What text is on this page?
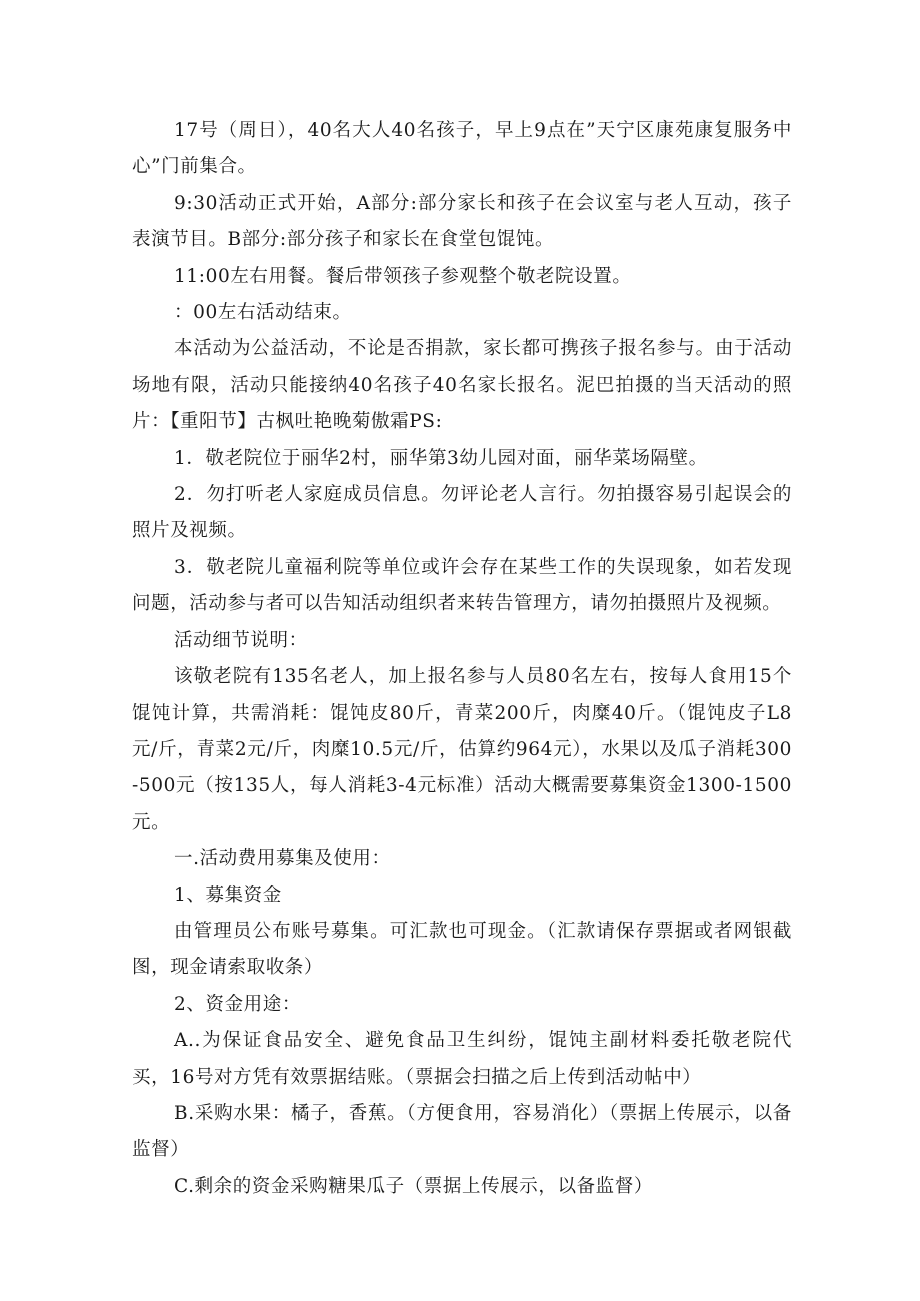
17号（周日），40名大人40名孩子，早上9点在”天宁区康苑康复服务中心”门前集合。

9:30活动正式开始，A部分:部分家长和孩子在会议室与老人互动，孩子表演节目。B部分:部分孩子和家长在食堂包馄饨。

11:00左右用餐。餐后带领孩子参观整个敬老院设置。

：00左右活动结束。

本活动为公益活动，不论是否捐款，家长都可携孩子报名参与。由于活动场地有限，活动只能接纳40名孩子40名家长报名。泥巴拍摄的当天活动的照片：【重阳节】古枫吐艳晚菊傲霜PS:

1．敬老院位于丽华2村，丽华第3幼儿园对面，丽华菜场隔壁。

2．勿打听老人家庭成员信息。勿评论老人言行。勿拍摄容易引起误会的照片及视频。

3．敬老院儿童福利院等单位或许会存在某些工作的失误现象，如若发现问题，活动参与者可以告知活动组织者来转告管理方，请勿拍摄照片及视频。

活动细节说明：

该敬老院有135名老人，加上报名参与人员80名左右，按每人食用15个馄饨计算，共需消耗：馄饨皮80斤，青菜200斤，肉糜40斤。（馄饨皮子L8元/斤，青菜2元/斤，肉糜10.5元/斤，估算约964元），水果以及瓜子消耗300-500元（按135人，每人消耗3-4元标准）活动大概需要募集资金1300-1500元。

一.活动费用募集及使用：

1、募集资金

由管理员公布账号募集。可汇款也可现金。（汇款请保存票据或者网银截图，现金请索取收条）

2、资金用途：

A..为保证食品安全、避免食品卫生纠纷，馄饨主副材料委托敬老院代买，16号对方凭有效票据结账。（票据会扫描之后上传到活动帖中）

B.采购水果：橘子，香蕉。（方便食用，容易消化）（票据上传展示，以备监督）

C.剩余的资金采购糖果瓜子（票据上传展示，以备监督）
